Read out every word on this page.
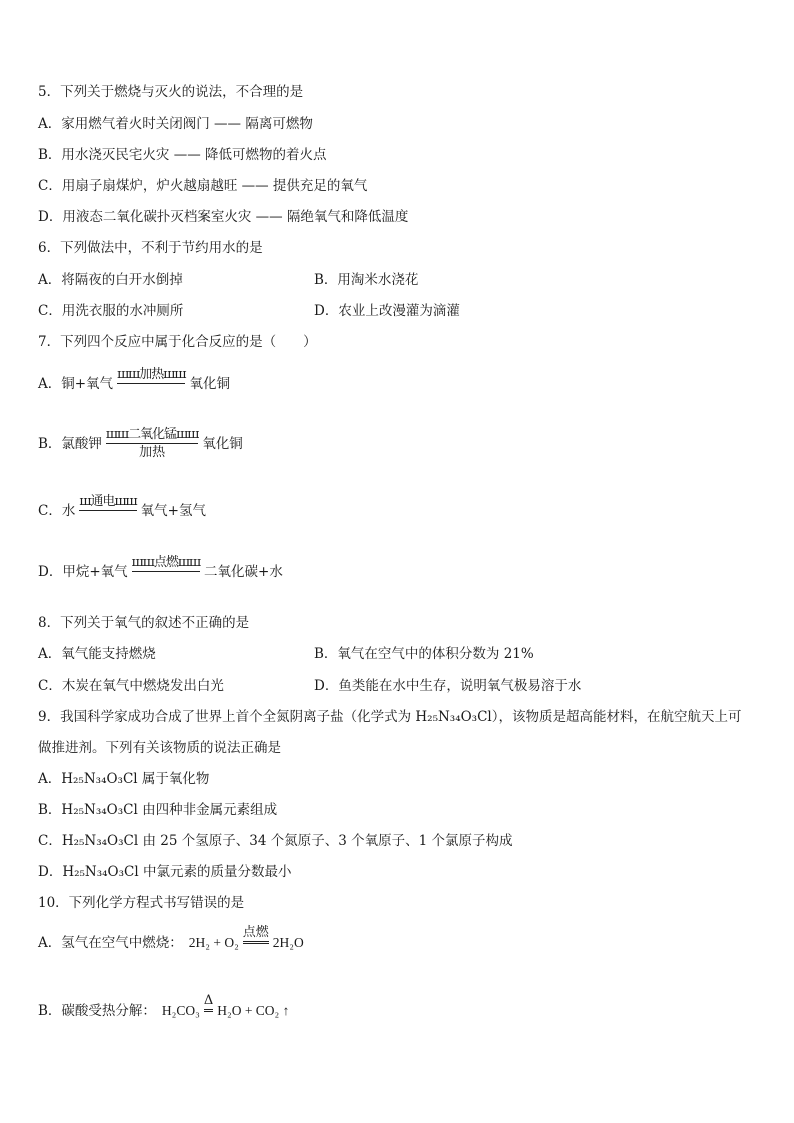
5．下列关于燃烧与灭火的说法，不合理的是
A．家用燃气着火时关闭阀门 —— 隔离可燃物
B．用水浇灭民宅火灾 —— 降低可燃物的着火点
C．用扇子扇煤炉，炉火越扇越旺 —— 提供充足的氧气
D．用液态二氧化碳扑灭档案室火灾 —— 隔绝氧气和降低温度
6．下列做法中，不利于节约用水的是
A．将隔夜的白开水倒掉	B．用淘米水浇花
C．用洗衣服的水冲厕所	D．农业上改漫灌为滴灌
7．下列四个反应中属于化合反应的是（　　）
A．铜+氧气
шш加热шш

氧化铜
B．氯酸钾
шш二氧化锰шш
加热
氧化铜
C．水
ш通电шш

氧气+氢气
D．甲烷+氧气
шш点燃шш

二氧化碳+水
8．下列关于氧气的叙述不正确的是
A．氧气能支持燃烧	B．氧气在空气中的体积分数为 21%
C．木炭在氧气中燃烧发出白光	D．鱼类能在水中生存，说明氧气极易溶于水
9．我国科学家成功合成了世界上首个全氮阴离子盐（化学式为 H₂₅N₃₄O₃Cl），该物质是超高能材料，在航空航天上可
做推进剂。下列有关该物质的说法正确是
A．H₂₅N₃₄O₃Cl 属于氧化物
B．H₂₅N₃₄O₃Cl 由四种非金属元素组成
C．H₂₅N₃₄O₃Cl 由 25 个氢原子、34 个氮原子、3 个氧原子、1 个氯原子构成
D．H₂₅N₃₄O₃Cl 中氯元素的质量分数最小
10．下列化学方程式书写错误的是
A．氢气在空气中燃烧： 2H₂ + O₂
点燃

2H₂O
B．碳酸受热分解： H₂CO₃
Δ

H₂O + CO₂ ↑
